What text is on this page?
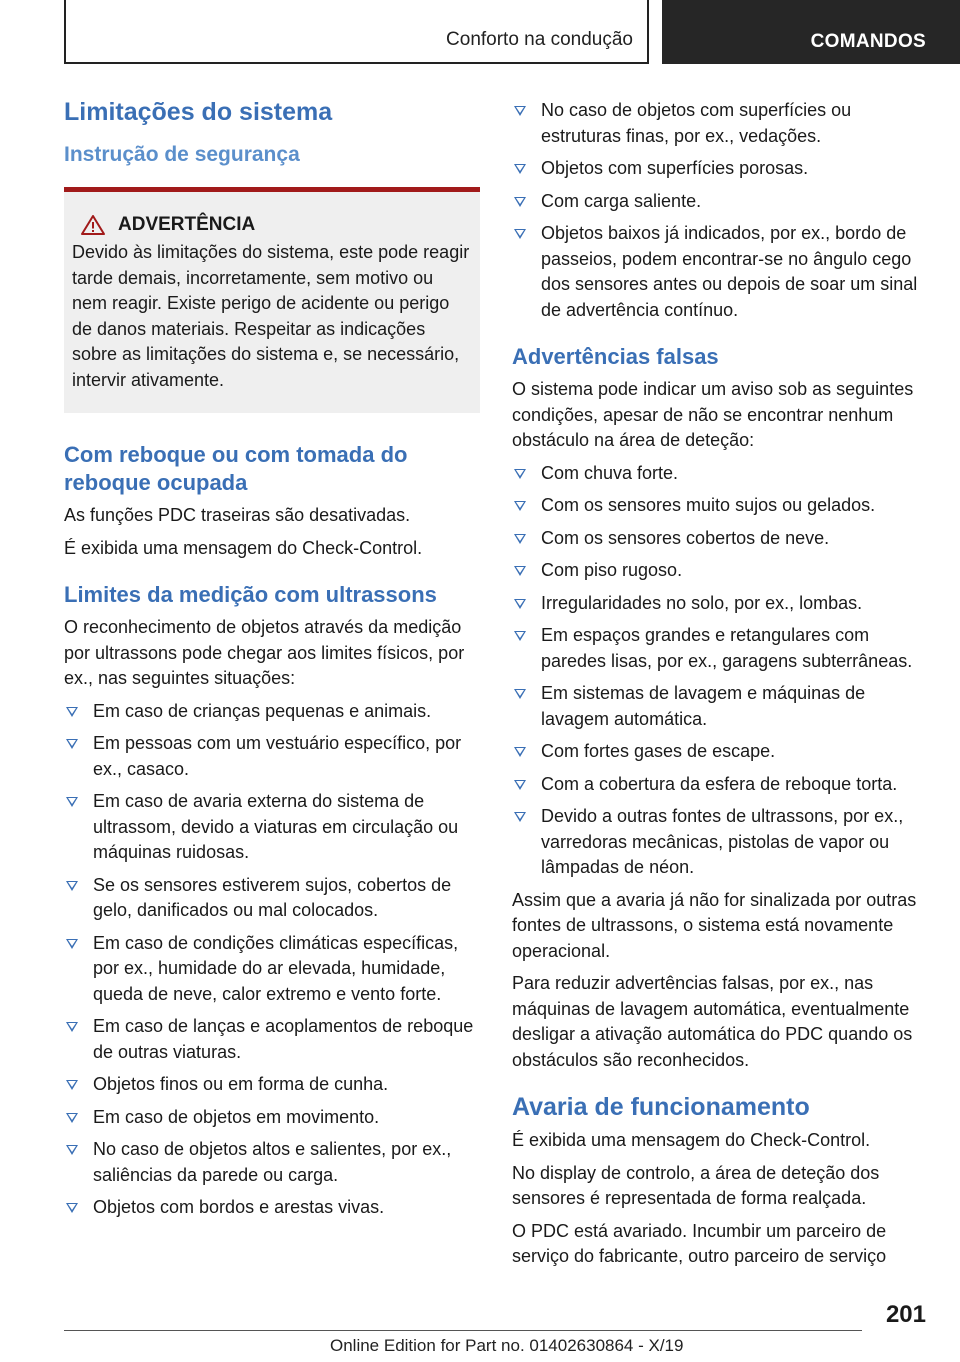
Conforto na condução	COMANDOS
Limitações do sistema
Instrução de segurança
ADVERTÊNCIA

Devido às limitações do sistema, este pode reagir tarde demais, incorretamente, sem motivo ou nem reagir. Existe perigo de acidente ou perigo de danos materiais. Respeitar as indicações sobre as limitações do sistema e, se necessário, intervir ativamente.

Com reboque ou com tomada do reboque ocupada

As funções PDC traseiras são desativadas.

É exibida uma mensagem do Check-Control.

Limites da medição com ultrassons

O reconhecimento de objetos através da medição por ultrassons pode chegar aos limites físicos, por ex., nas seguintes situações:

Em caso de crianças pequenas e animais.
Em pessoas com um vestuário específico, por ex., casaco.
Em caso de avaria externa do sistema de ultrassom, devido a viaturas em circulação ou máquinas ruidosas.
Se os sensores estiverem sujos, cobertos de gelo, danificados ou mal colocados.
Em caso de condições climáticas específicas, por ex., humidade do ar elevada, humidade, queda de neve, calor extremo e vento forte.
Em caso de lanças e acoplamentos de reboque de outras viaturas.
Objetos finos ou em forma de cunha.
Em caso de objetos em movimento.
No caso de objetos altos e salientes, por ex., saliências da parede ou carga.
Objetos com bordos e arestas vivas.
No caso de objetos com superfícies ou estruturas finas, por ex., vedações.
Objetos com superfícies porosas.
Com carga saliente.
Objetos baixos já indicados, por ex., bordo de passeios, podem encontrar-se no ângulo cego dos sensores antes ou depois de soar um sinal de advertência contínuo.
Advertências falsas

O sistema pode indicar um aviso sob as seguintes condições, apesar de não se encontrar nenhum obstáculo na área de deteção:

Com chuva forte.
Com os sensores muito sujos ou gelados.
Com os sensores cobertos de neve.
Com piso rugoso.
Irregularidades no solo, por ex., lombas.
Em espaços grandes e retangulares com paredes lisas, por ex., garagens subterrâneas.
Em sistemas de lavagem e máquinas de lavagem automática.
Com fortes gases de escape.
Com a cobertura da esfera de reboque torta.
Devido a outras fontes de ultrassons, por ex., varredoras mecânicas, pistolas de vapor ou lâmpadas de néon.

Assim que a avaria já não for sinalizada por outras fontes de ultrassons, o sistema está novamente operacional.

Para reduzir advertências falsas, por ex., nas máquinas de lavagem automática, eventualmente desligar a ativação automática do PDC quando os obstáculos são reconhecidos.

Avaria de funcionamento

É exibida uma mensagem do Check-Control.

No display de controlo, a área de deteção dos sensores é representada de forma realçada.

O PDC está avariado. Incumbir um parceiro de serviço do fabricante, outro parceiro de serviço

201
Online Edition for Part no. 01402630864 - X/19
